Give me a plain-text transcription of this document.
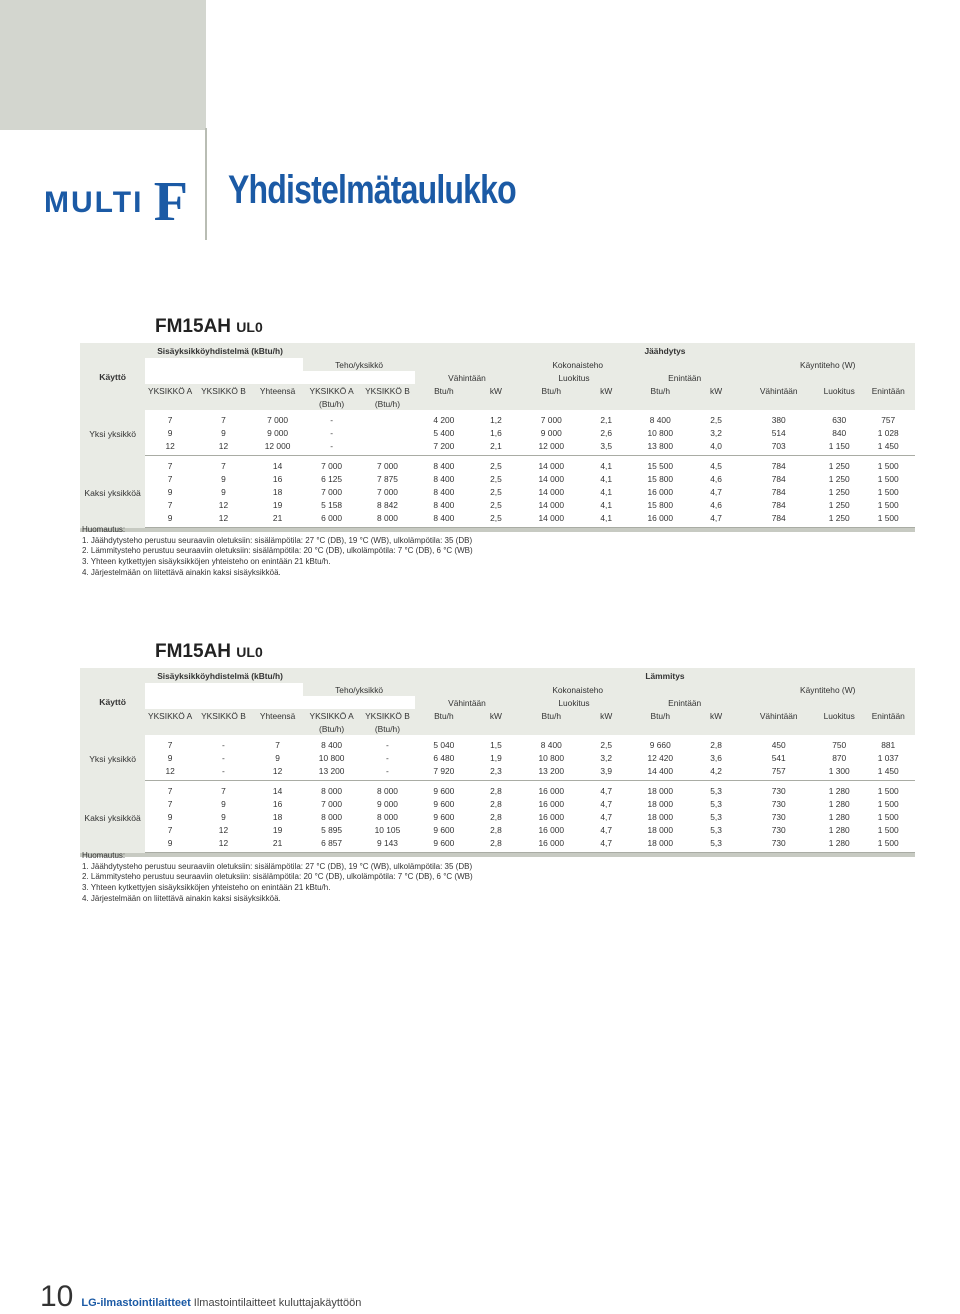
MULTI F Yhdistelmätaulukko
FM15AH UL0
Käyttö	Sisäyksikköyhdistelmä (kBtu/h)					Jäähdytys								
				Teho/yksikkö		Kokonaisteho						Käyntiteho (W)		
						Vähintään		Luokitus		Enintään				
	YKSIKKÖ A	YKSIKKÖ B	Yhteensä	YKSIKKÖ A	YKSIKKÖ B	Btu/h	kW	Btu/h	kW	Btu/h	kW	Vähintään	Luokitus	Enintään
				(Btu/h)	(Btu/h)									
Yksi yksikkö	7	7	7 000	-		4 200	1,2	7 000	2,1	8 400	2,5	380	630	757
	9	9	9 000	-		5 400	1,6	9 000	2,6	10 800	3,2	514	840	1 028
	12	12	12 000	-		7 200	2,1	12 000	3,5	13 800	4,0	703	1 150	1 450
Kaksi yksikköä	7	7	14	7 000	7 000	8 400	2,5	14 000	4,1	15 500	4,5	784	1 250	1 500
	7	9	16	6 125	7 875	8 400	2,5	14 000	4,1	15 800	4,6	784	1 250	1 500
	9	9	18	7 000	7 000	8 400	2,5	14 000	4,1	16 000	4,7	784	1 250	1 500
	7	12	19	5 158	8 842	8 400	2,5	14 000	4,1	15 800	4,6	784	1 250	1 500
	9	12	21	6 000	8 000	8 400	2,5	14 000	4,1	16 000	4,7	784	1 250	1 500

Huomautus:
1. Jäähdytysteho perustuu seuraaviin oletuksiin: sisälämpötila: 27 °C (DB), 19 °C (WB), ulkolämpötila: 35 (DB)
2. Lämmitysteho perustuu seuraaviin oletuksiin: sisälämpötila: 20 °C (DB), ulkolämpötila: 7 °C (DB), 6 °C (WB)
3. Yhteen kytkettyjen sisäyksikköjen yhteisteho on enintään 21 kBtu/h.
4. Järjestelmään on liitettävä ainakin kaksi sisäyksikköä.
FM15AH UL0
Käyttö	Sisäyksikköyhdistelmä (kBtu/h)					Lämmitys								
				Teho/yksikkö		Kokonaisteho						Käyntiteho (W)		
						Vähintään		Luokitus		Enintään				
	YKSIKKÖ A	YKSIKKÖ B	Yhteensä	YKSIKKÖ A	YKSIKKÖ B	Btu/h	kW	Btu/h	kW	Btu/h	kW	Vähintään	Luokitus	Enintään
				(Btu/h)	(Btu/h)									
Yksi yksikkö	7	-	7	8 400	-	5 040	1,5	8 400	2,5	9 660	2,8	450	750	881
	9	-	9	10 800	-	6 480	1,9	10 800	3,2	12 420	3,6	541	870	1 037
	12	-	12	13 200	-	7 920	2,3	13 200	3,9	14 400	4,2	757	1 300	1 450
Kaksi yksikköä	7	7	14	8 000	8 000	9 600	2,8	16 000	4,7	18 000	5,3	730	1 280	1 500
	7	9	16	7 000	9 000	9 600	2,8	16 000	4,7	18 000	5,3	730	1 280	1 500
	9	9	18	8 000	8 000	9 600	2,8	16 000	4,7	18 000	5,3	730	1 280	1 500
	7	12	19	5 895	10 105	9 600	2,8	16 000	4,7	18 000	5,3	730	1 280	1 500
	9	12	21	6 857	9 143	9 600	2,8	16 000	4,7	18 000	5,3	730	1 280	1 500

Huomautus:
1. Jäähdytysteho perustuu seuraaviin oletuksiin: sisälämpötila: 27 °C (DB), 19 °C (WB), ulkolämpötila: 35 (DB)
2. Lämmitysteho perustuu seuraaviin oletuksiin: sisälämpötila: 20 °C (DB), ulkolämpötila: 7 °C (DB), 6 °C (WB)
3. Yhteen kytkettyjen sisäyksikköjen yhteisteho on enintään 21 kBtu/h.
4. Järjestelmään on liitettävä ainakin kaksi sisäyksikköä.
10 LG-ilmastointilaitteet Ilmastointilaitteet kuluttajakäyttöön
